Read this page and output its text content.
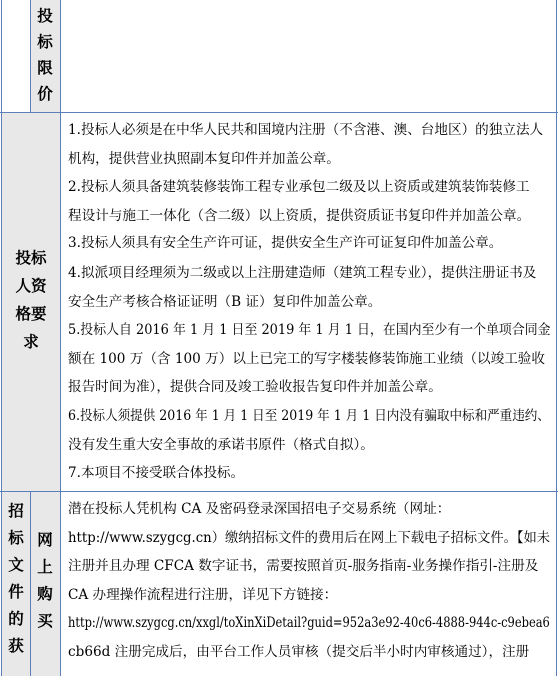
投
标
限
价
投标
人资
格要
求
1.投标人必须是在中华人民共和国境内注册（不含港、澳、台地区）的独立法人
机构，提供营业执照副本复印件并加盖公章。
2.投标人须具备建筑装修装饰工程专业承包二级及以上资质或建筑装饰装修工
程设计与施工一体化（含二级）以上资质，提供资质证书复印件并加盖公章。
3.投标人须具有安全生产许可证，提供安全生产许可证复印件加盖公章。
4.拟派项目经理须为二级或以上注册建造师（建筑工程专业），提供注册证书及
安全生产考核合格证证明（B 证）复印件加盖公章。
5.投标人自 2016 年 1 月 1 日至 2019 年 1 月 1 日，在国内至少有一个单项合同金
额在 100 万（含 100 万）以上已完工的写字楼装修装饰施工业绩（以竣工验收
报告时间为准），提供合同及竣工验收报告复印件并加盖公章。
6.投标人须提供 2016 年 1 月 1 日至 2019 年 1 月 1 日内没有骗取中标和严重违约、
没有发生重大安全事故的承诺书原件（格式自拟）。
7.本项目不接受联合体投标。
招
标
文
件
的
获
网
上
购
买
潜在投标人凭机构 CA 及密码登录深国招电子交易系统（网址：
http://www.szygcg.cn）缴纳招标文件的费用后在网上下载电子招标文件。【如未
注册并且办理 CFCA 数字证书，需要按照首页-服务指南-业务操作指引-注册及
CA 办理操作流程进行注册，详见下方链接：
http://www.szygcg.cn/xxgl/toXinXiDetail?guid=952a3e92-40c6-4888-944c-c9ebea6
cb66d 注册完成后，由平台工作人员审核（提交后半小时内审核通过），注册
